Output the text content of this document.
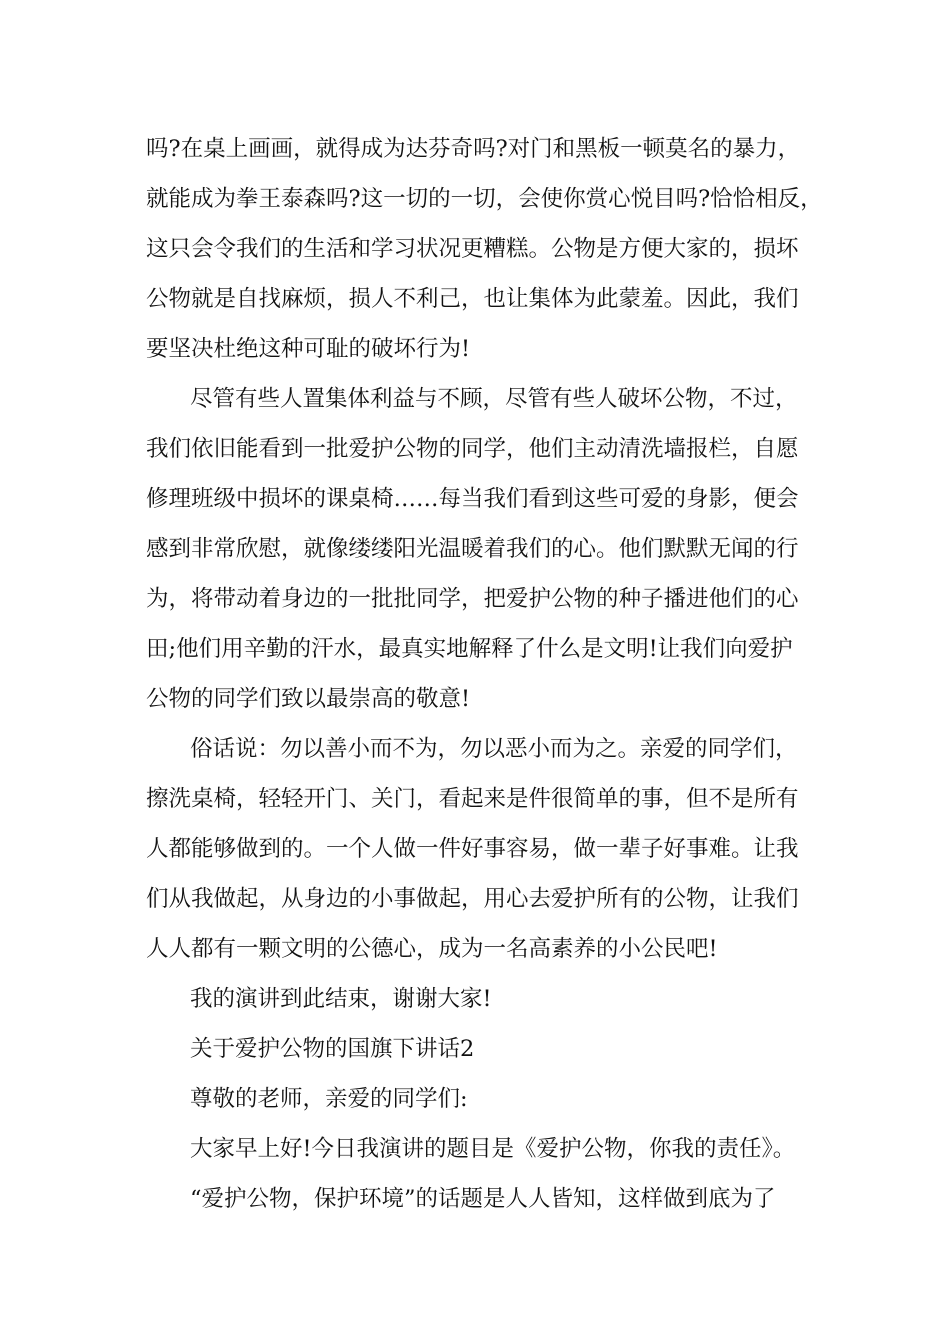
吗?在桌上画画，就得成为达芬奇吗?对门和黑板一顿莫名的暴力，
就能成为拳王泰森吗?这一切的一切，会使你赏心悦目吗?恰恰相反，
这只会令我们的生活和学习状况更糟糕。公物是方便大家的，损坏
公物就是自找麻烦，损人不利己，也让集体为此蒙羞。因此，我们
要坚决杜绝这种可耻的破坏行为!
尽管有些人置集体利益与不顾，尽管有些人破坏公物，不过，
我们依旧能看到一批爱护公物的同学，他们主动清洗墙报栏，自愿
修理班级中损坏的课桌椅……每当我们看到这些可爱的身影，便会
感到非常欣慰，就像缕缕阳光温暖着我们的心。他们默默无闻的行
为，将带动着身边的一批批同学，把爱护公物的种子播进他们的心
田;他们用辛勤的汗水，最真实地解释了什么是文明!让我们向爱护
公物的同学们致以最崇高的敬意!
俗话说：勿以善小而不为，勿以恶小而为之。亲爱的同学们，
擦洗桌椅，轻轻开门、关门，看起来是件很简单的事，但不是所有
人都能够做到的。一个人做一件好事容易，做一辈子好事难。让我
们从我做起，从身边的小事做起，用心去爱护所有的公物，让我们
人人都有一颗文明的公德心，成为一名高素养的小公民吧!
我的演讲到此结束，谢谢大家!
关于爱护公物的国旗下讲话2
尊敬的老师，亲爱的同学们:
大家早上好!今日我演讲的题目是《爱护公物，你我的责任》。
“爱护公物，保护环境”的话题是人人皆知，这样做到底为了
